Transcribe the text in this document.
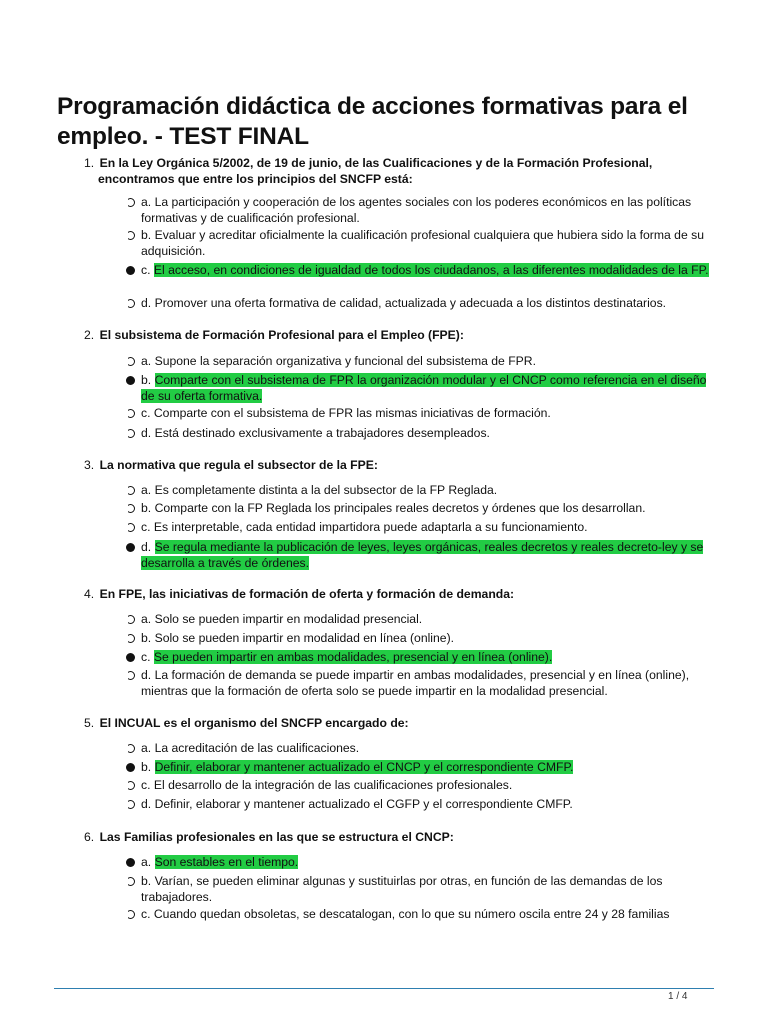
Programación didáctica de acciones formativas para el empleo. - TEST FINAL
1. En la Ley Orgánica 5/2002, de 19 de junio, de las Cualificaciones y de la Formación Profesional,
encontramos que entre los principios del SNCFP está:
a. La participación y cooperación de los agentes sociales con los poderes económicos en las políticas formativas y de cualificación profesional.
b. Evaluar y acreditar oficialmente la cualificación profesional cualquiera que hubiera sido la forma de su adquisición.
c. El acceso, en condiciones de igualdad de todos los ciudadanos, a las diferentes modalidades de la FP.
d. Promover una oferta formativa de calidad, actualizada y adecuada a los distintos destinatarios.
2. El subsistema de Formación Profesional para el Empleo (FPE):
a. Supone la separación organizativa y funcional del subsistema de FPR.
b. Comparte con el subsistema de FPR la organización modular y el CNCP como referencia en el diseño de su oferta formativa.
c. Comparte con el subsistema de FPR las mismas iniciativas de formación.
d. Está destinado exclusivamente a trabajadores desempleados.
3. La normativa que regula el subsector de la FPE:
a. Es completamente distinta a la del subsector de la FP Reglada.
b. Comparte con la FP Reglada los principales reales decretos y órdenes que los desarrollan.
c. Es interpretable, cada entidad impartidora puede adaptarla a su funcionamiento.
d. Se regula mediante la publicación de leyes, leyes orgánicas, reales decretos y reales decreto-ley y se desarrolla a través de órdenes.
4. En FPE, las iniciativas de formación de oferta y formación de demanda:
a. Solo se pueden impartir en modalidad presencial.
b. Solo se pueden impartir en modalidad en línea (online).
c. Se pueden impartir en ambas modalidades, presencial y en línea (online).
d. La formación de demanda se puede impartir en ambas modalidades, presencial y en línea (online), mientras que la formación de oferta solo se puede impartir en la modalidad presencial.
5. El INCUAL es el organismo del SNCFP encargado de:
a. La acreditación de las cualificaciones.
b. Definir, elaborar y mantener actualizado el CNCP y el correspondiente CMFP.
c. El desarrollo de la integración de las cualificaciones profesionales.
d. Definir, elaborar y mantener actualizado el CGFP y el correspondiente CMFP.
6. Las Familias profesionales en las que se estructura el CNCP:
a. Son estables en el tiempo.
b. Varían, se pueden eliminar algunas y sustituirlas por otras, en función de las demandas de los trabajadores.
c. Cuando quedan obsoletas, se descatalogan, con lo que su número oscila entre 24 y 28 familias
1 / 4
